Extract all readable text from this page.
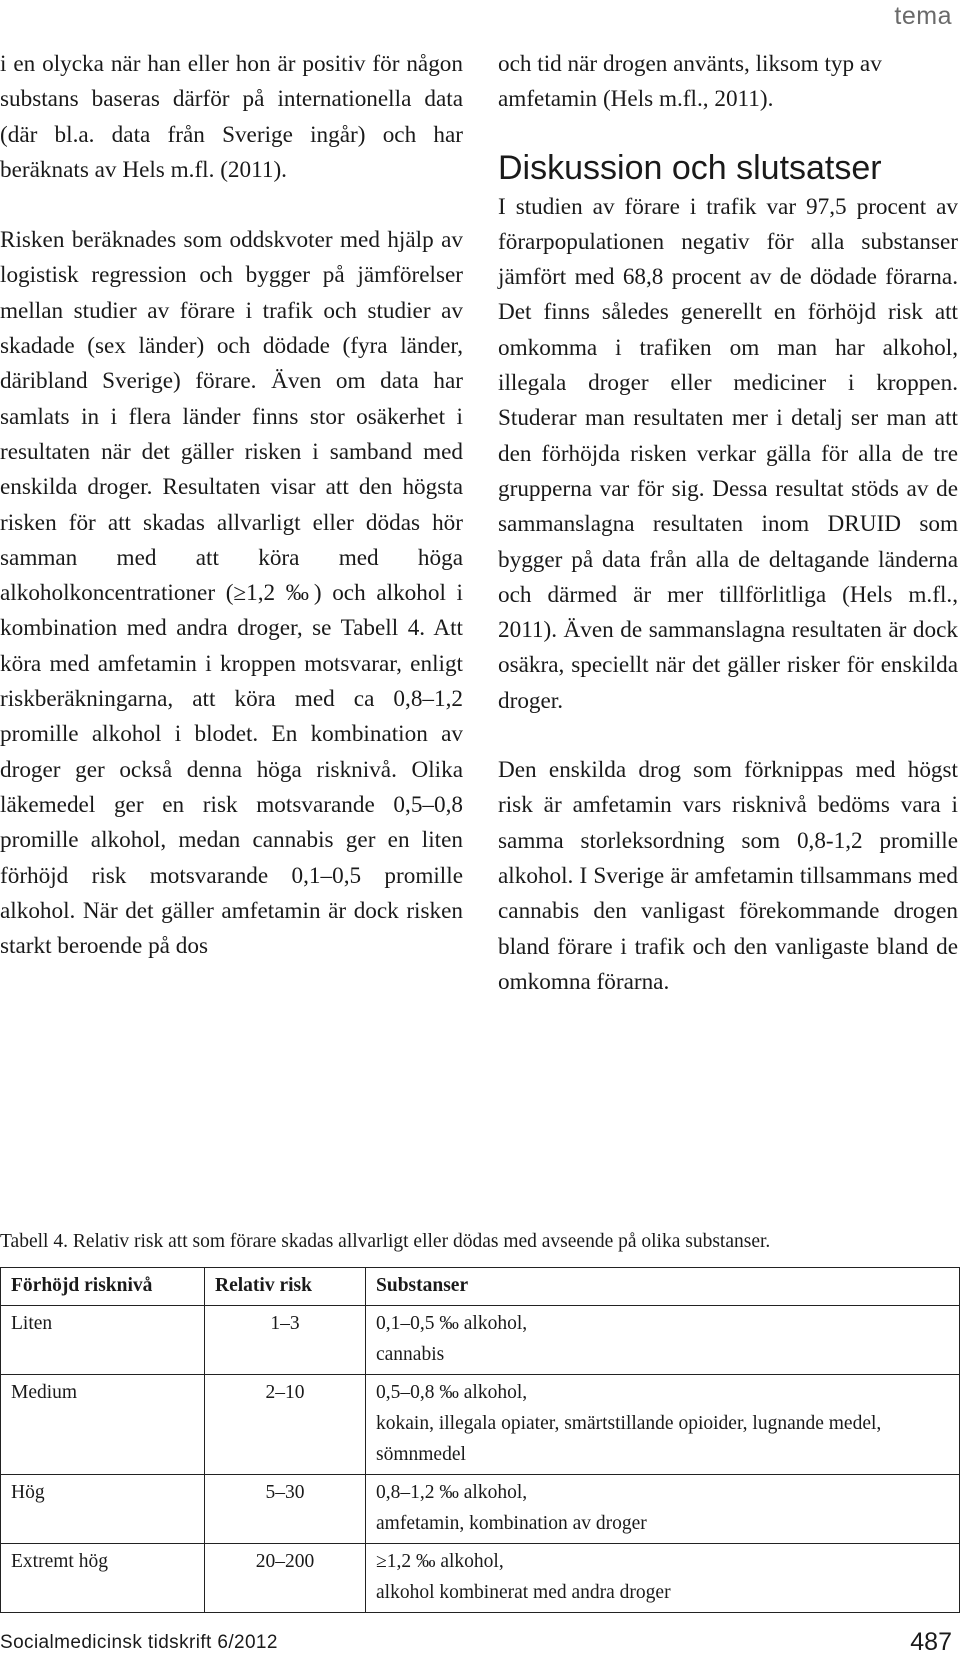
tema

i en olycka när han eller hon är positiv för någon substans baseras därför på internationella data (där bl.a. data från Sverige ingår) och har beräknats av Hels m.fl. (2011).

Risken beräknades som oddskvoter med hjälp av logistisk regression och bygger på jämförelser mellan studier av förare i trafik och studier av skadade (sex länder) och dödade (fyra länder, däribland Sverige) förare. Även om data har samlats in i flera länder finns stor osäkerhet i resultaten när det gäller risken i samband med enskilda droger. Resultaten visar att den högsta risken för att skadas allvarligt eller dödas hör samman med att köra med höga alkoholkoncentrationer (≥1,2 ‰) och alkohol i kombination med andra droger, se Tabell 4. Att köra med amfetamin i kroppen motsvarar, enligt riskberäkningarna, att köra med ca 0,8–1,2 promille alkohol i blodet. En kombination av droger ger också denna höga risknivå. Olika läkemedel ger en risk motsvarande 0,5–0,8 promille alkohol, medan cannabis ger en liten förhöjd risk motsvarande 0,1–0,5 promille alkohol. När det gäller amfetamin är dock risken starkt beroende på dos

och tid när drogen använts, liksom typ av amfetamin (Hels m.fl., 2011).

Diskussion och slutsatser

I studien av förare i trafik var 97,5 procent av förarpopulationen negativ för alla substanser jämfört med 68,8 procent av de dödade förarna. Det finns således generellt en förhöjd risk att omkomma i trafiken om man har alkohol, illegala droger eller mediciner i kroppen. Studerar man resultaten mer i detalj ser man att den förhöjda risken verkar gälla för alla de tre grupperna var för sig. Dessa resultat stöds av de sammanslagna resultaten inom DRUID som bygger på data från alla de deltagande länderna och därmed är mer tillförlitliga (Hels m.fl., 2011). Även de sammanslagna resultaten är dock osäkra, speciellt när det gäller risker för enskilda droger.

Den enskilda drog som förknippas med högst risk är amfetamin vars risknivå bedöms vara i samma storleksordning som 0,8-1,2 promille alkohol. I Sverige är amfetamin tillsammans med cannabis den vanligast förekommande drogen bland förare i trafik och den vanligaste bland de omkomna förarna.

Tabell 4. Relativ risk att som förare skadas allvarligt eller dödas med avseende på olika substanser.
Förhöjd risknivå	Relativ risk	Substanser
Liten	1–3	0,1–0,5 ‰ alkohol,
cannabis

Medium	2–10	0,5–0,8 ‰ alkohol,
kokain, illegala opiater, smärtstillande opioider, lugnande medel, sömnmedel

Hög	5–30	0,8–1,2 ‰ alkohol,
amfetamin, kombination av droger

Extremt hög	20–200	≥1,2 ‰ alkohol,
alkohol kombinerat med andra droger
Socialmedicinsk tidskrift 6/2012	487
